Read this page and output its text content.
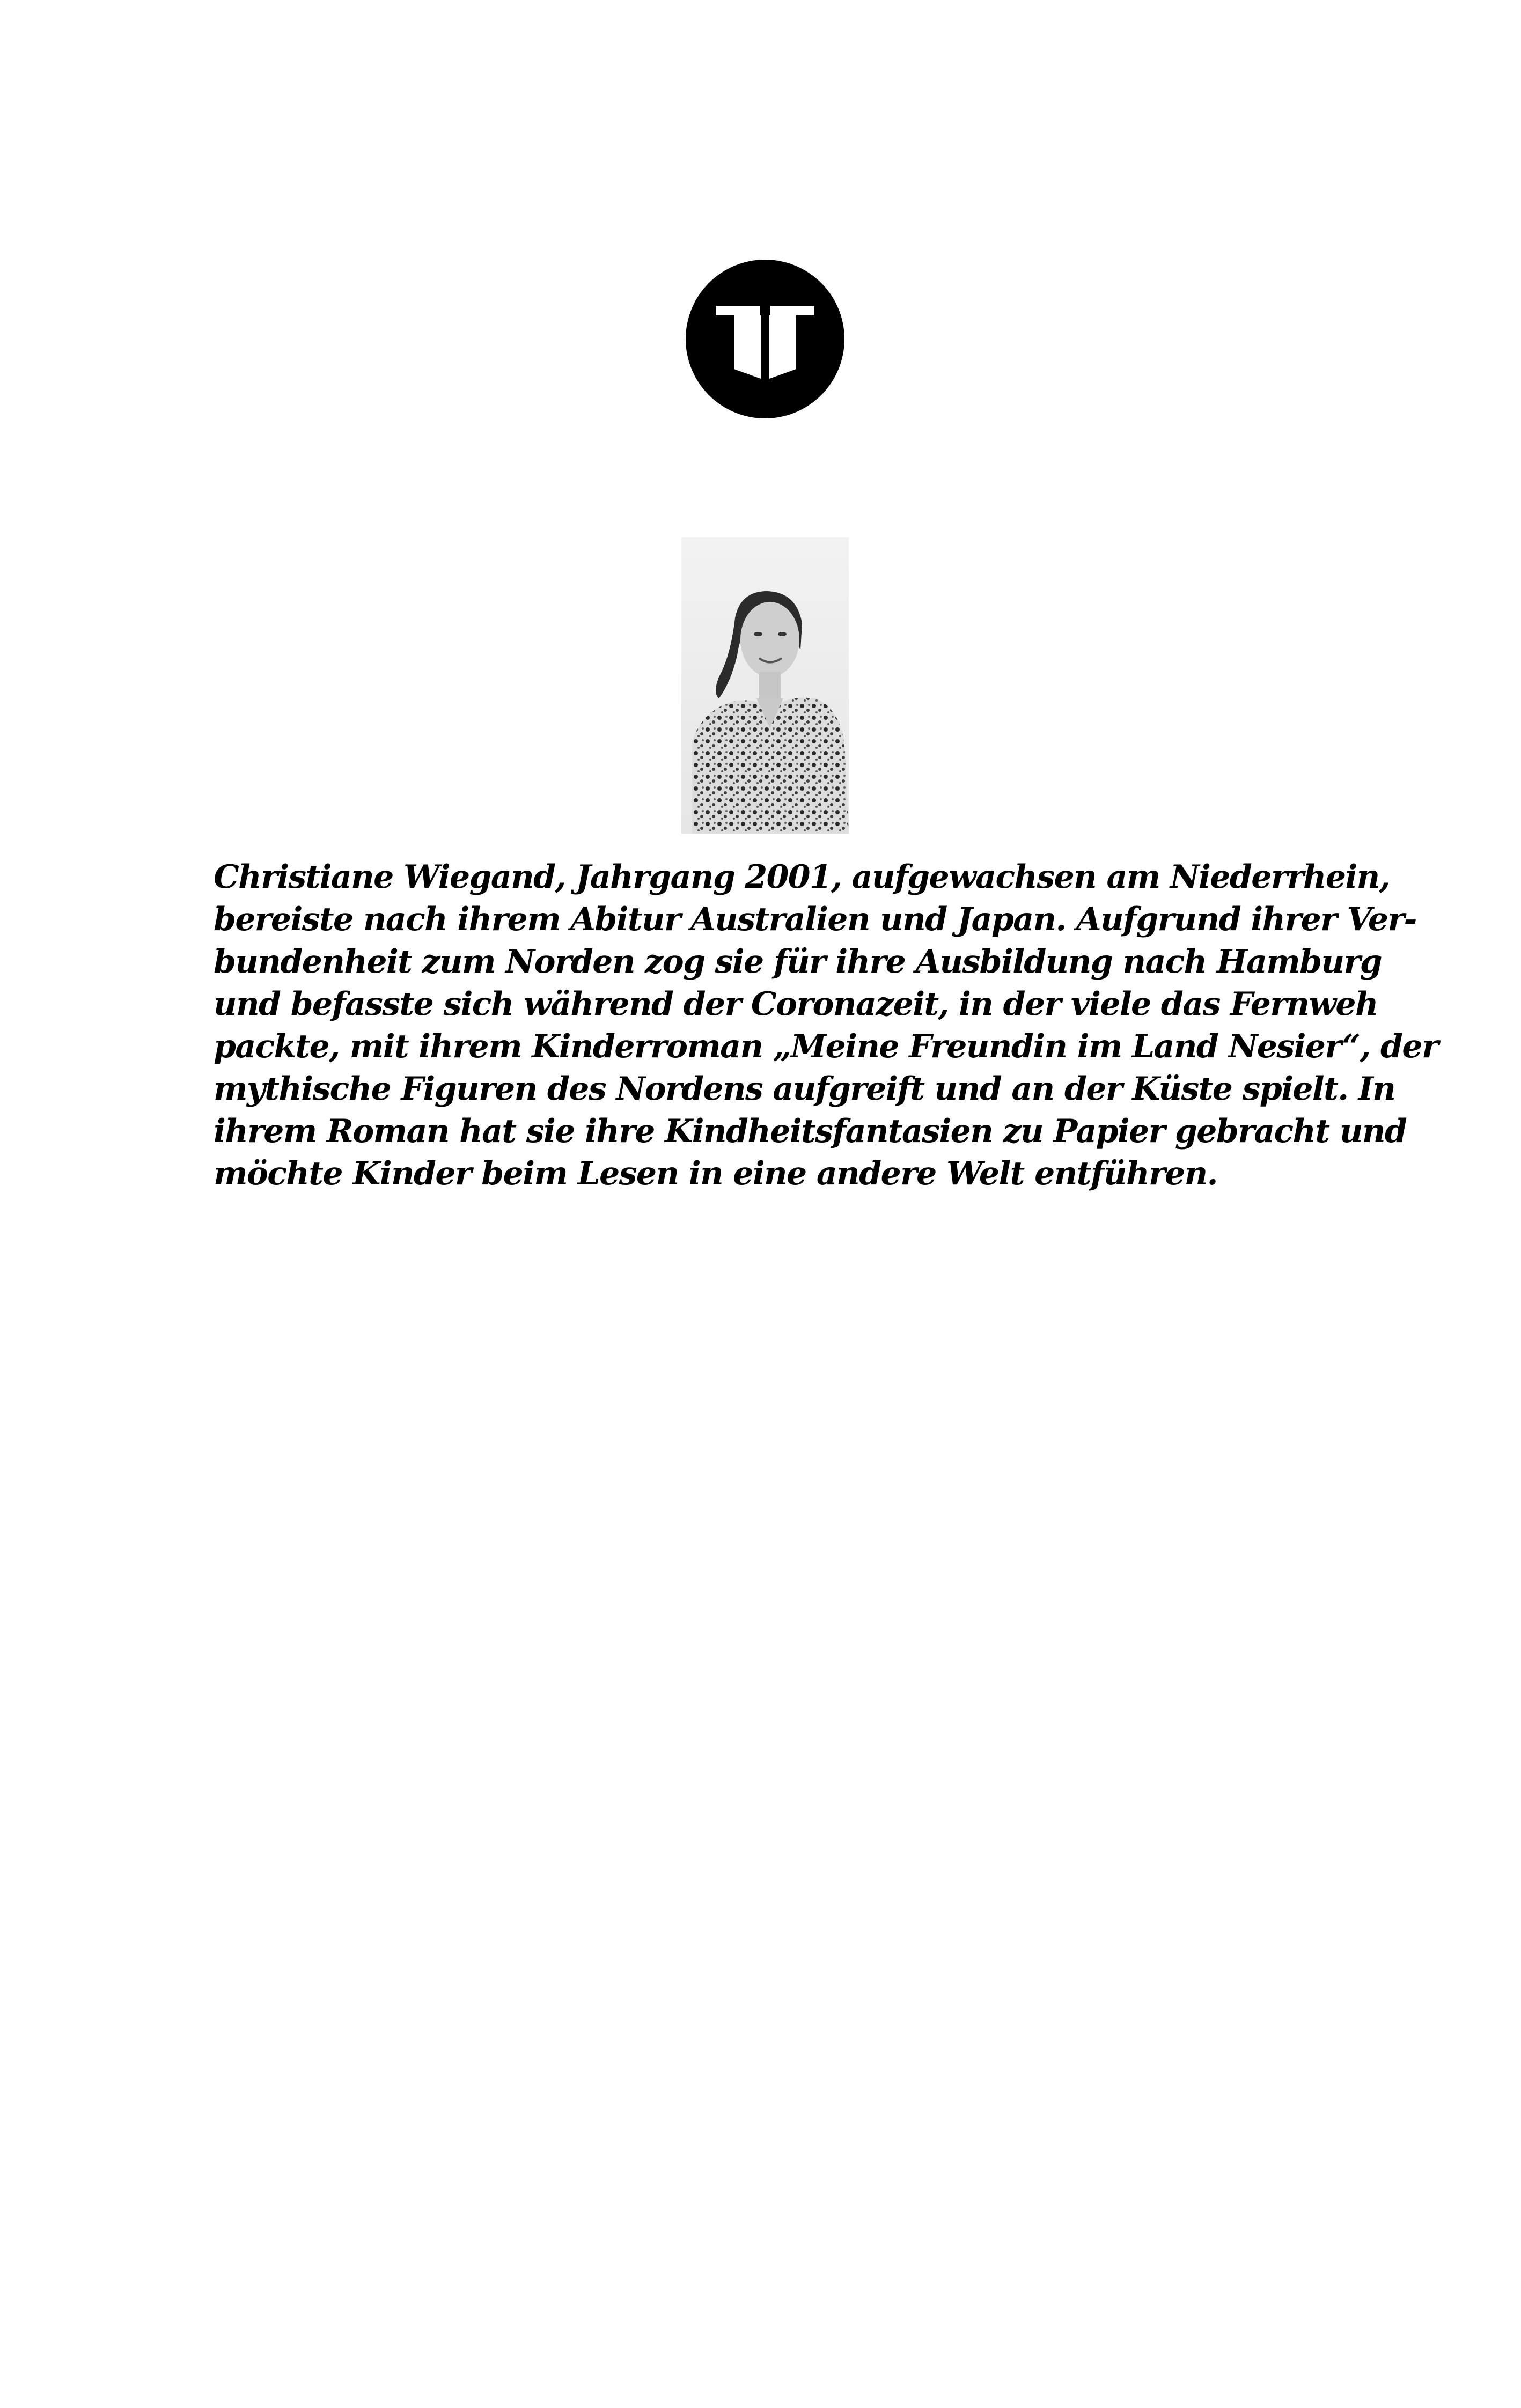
Christiane Wiegand, Jahrgang 2001, aufgewachsen am Niederrhein,
bereiste nach ihrem Abitur Australien und Japan. Aufgrund ihrer Ver-
bundenheit zum Norden zog sie für ihre Ausbildung nach Hamburg
und befasste sich während der Coronazeit, in der viele das Fernweh
packte, mit ihrem Kinderroman „Meine Freundin im Land Nesier“, der
mythische Figuren des Nordens aufgreift und an der Küste spielt. In
ihrem Roman hat sie ihre Kindheitsfantasien zu Papier gebracht und
möchte Kinder beim Lesen in eine andere Welt entführen.
